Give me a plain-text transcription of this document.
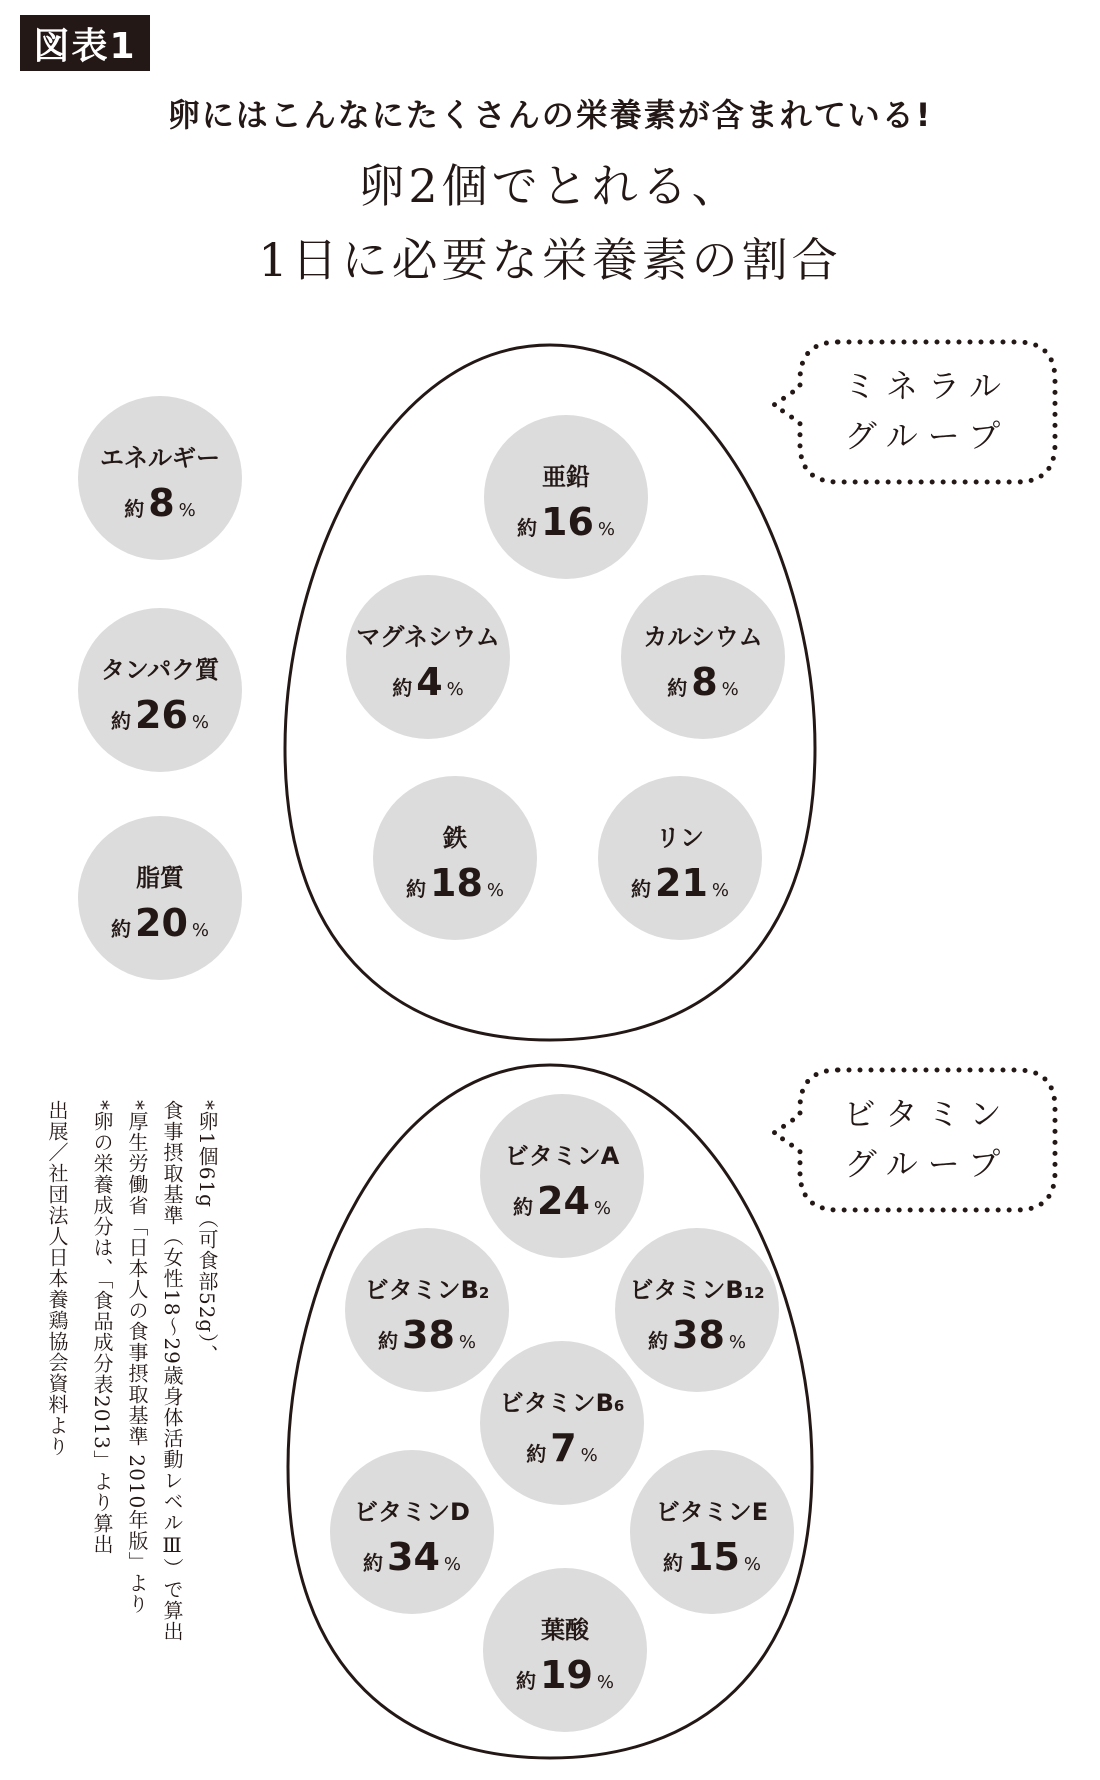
図表1
卵にはこんなにたくさんの栄養素が含まれている!
卵2個でとれる、
1日に必要な栄養素の割合
ミネラル
グループ
ビタミン
グループ
エネルギー
約 8 %
タンパク質
約 26 %
脂質
約 20 %
亜鉛
約 16 %
マグネシウム
約 4 %
カルシウム
約 8 %
鉄
約 18 %
リン
約 21 %
ビタミンA
約 24 %
ビタミンB2
約 38 %
ビタミンB12
約 38 %
ビタミンB6
約 7 %
ビタミンD
約 34 %
ビタミンE
約 15 %
葉酸
約 19 %
*卵1個61g（可食部52g）、
食事摂取基準（女性18～29歳身体活動レベルⅢ）で算出
*厚生労働省「日本人の食事摂取基準 2010年版」より
*卵の栄養成分は、「食品成分表2013」より算出
出展／社団法人日本養鶏協会資料より
